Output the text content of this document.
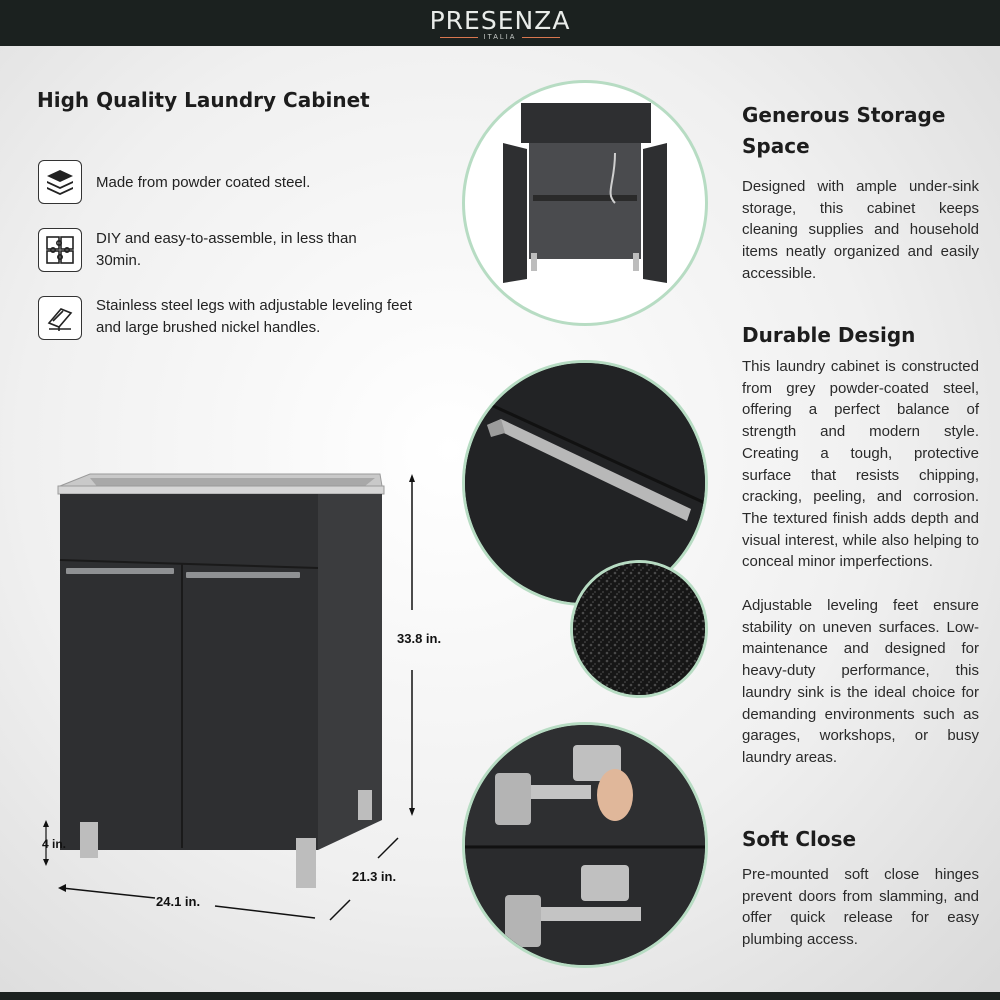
PRESENZA
ITALIA
High Quality Laundry Cabinet
Made from powder coated steel.
DIY and easy-to-assemble, in less than 30min.
Stainless steel legs with adjustable leveling feet and large brushed nickel handles.
33.8 in.
4 in.
24.1 in.
21.3 in.
Generous Storage Space
Designed with ample under-sink storage, this cabinet keeps cleaning supplies and household items neatly organized and easily accessible.
Durable Design
This laundry cabinet is constructed from grey powder-coated steel, offering a perfect balance of strength and modern style. Creating a tough, protective surface that resists chipping, cracking, peeling, and corrosion. The textured finish adds depth and visual interest, while also helping to conceal minor imperfections.
Adjustable leveling feet ensure stability on uneven surfaces. Low-maintenance and designed for heavy-duty performance, this laundry sink is the ideal choice for demanding environments such as garages, workshops, or busy laundry areas.
Soft Close
Pre-mounted soft close hinges prevent doors from slamming, and offer quick release for easy plumbing access.
